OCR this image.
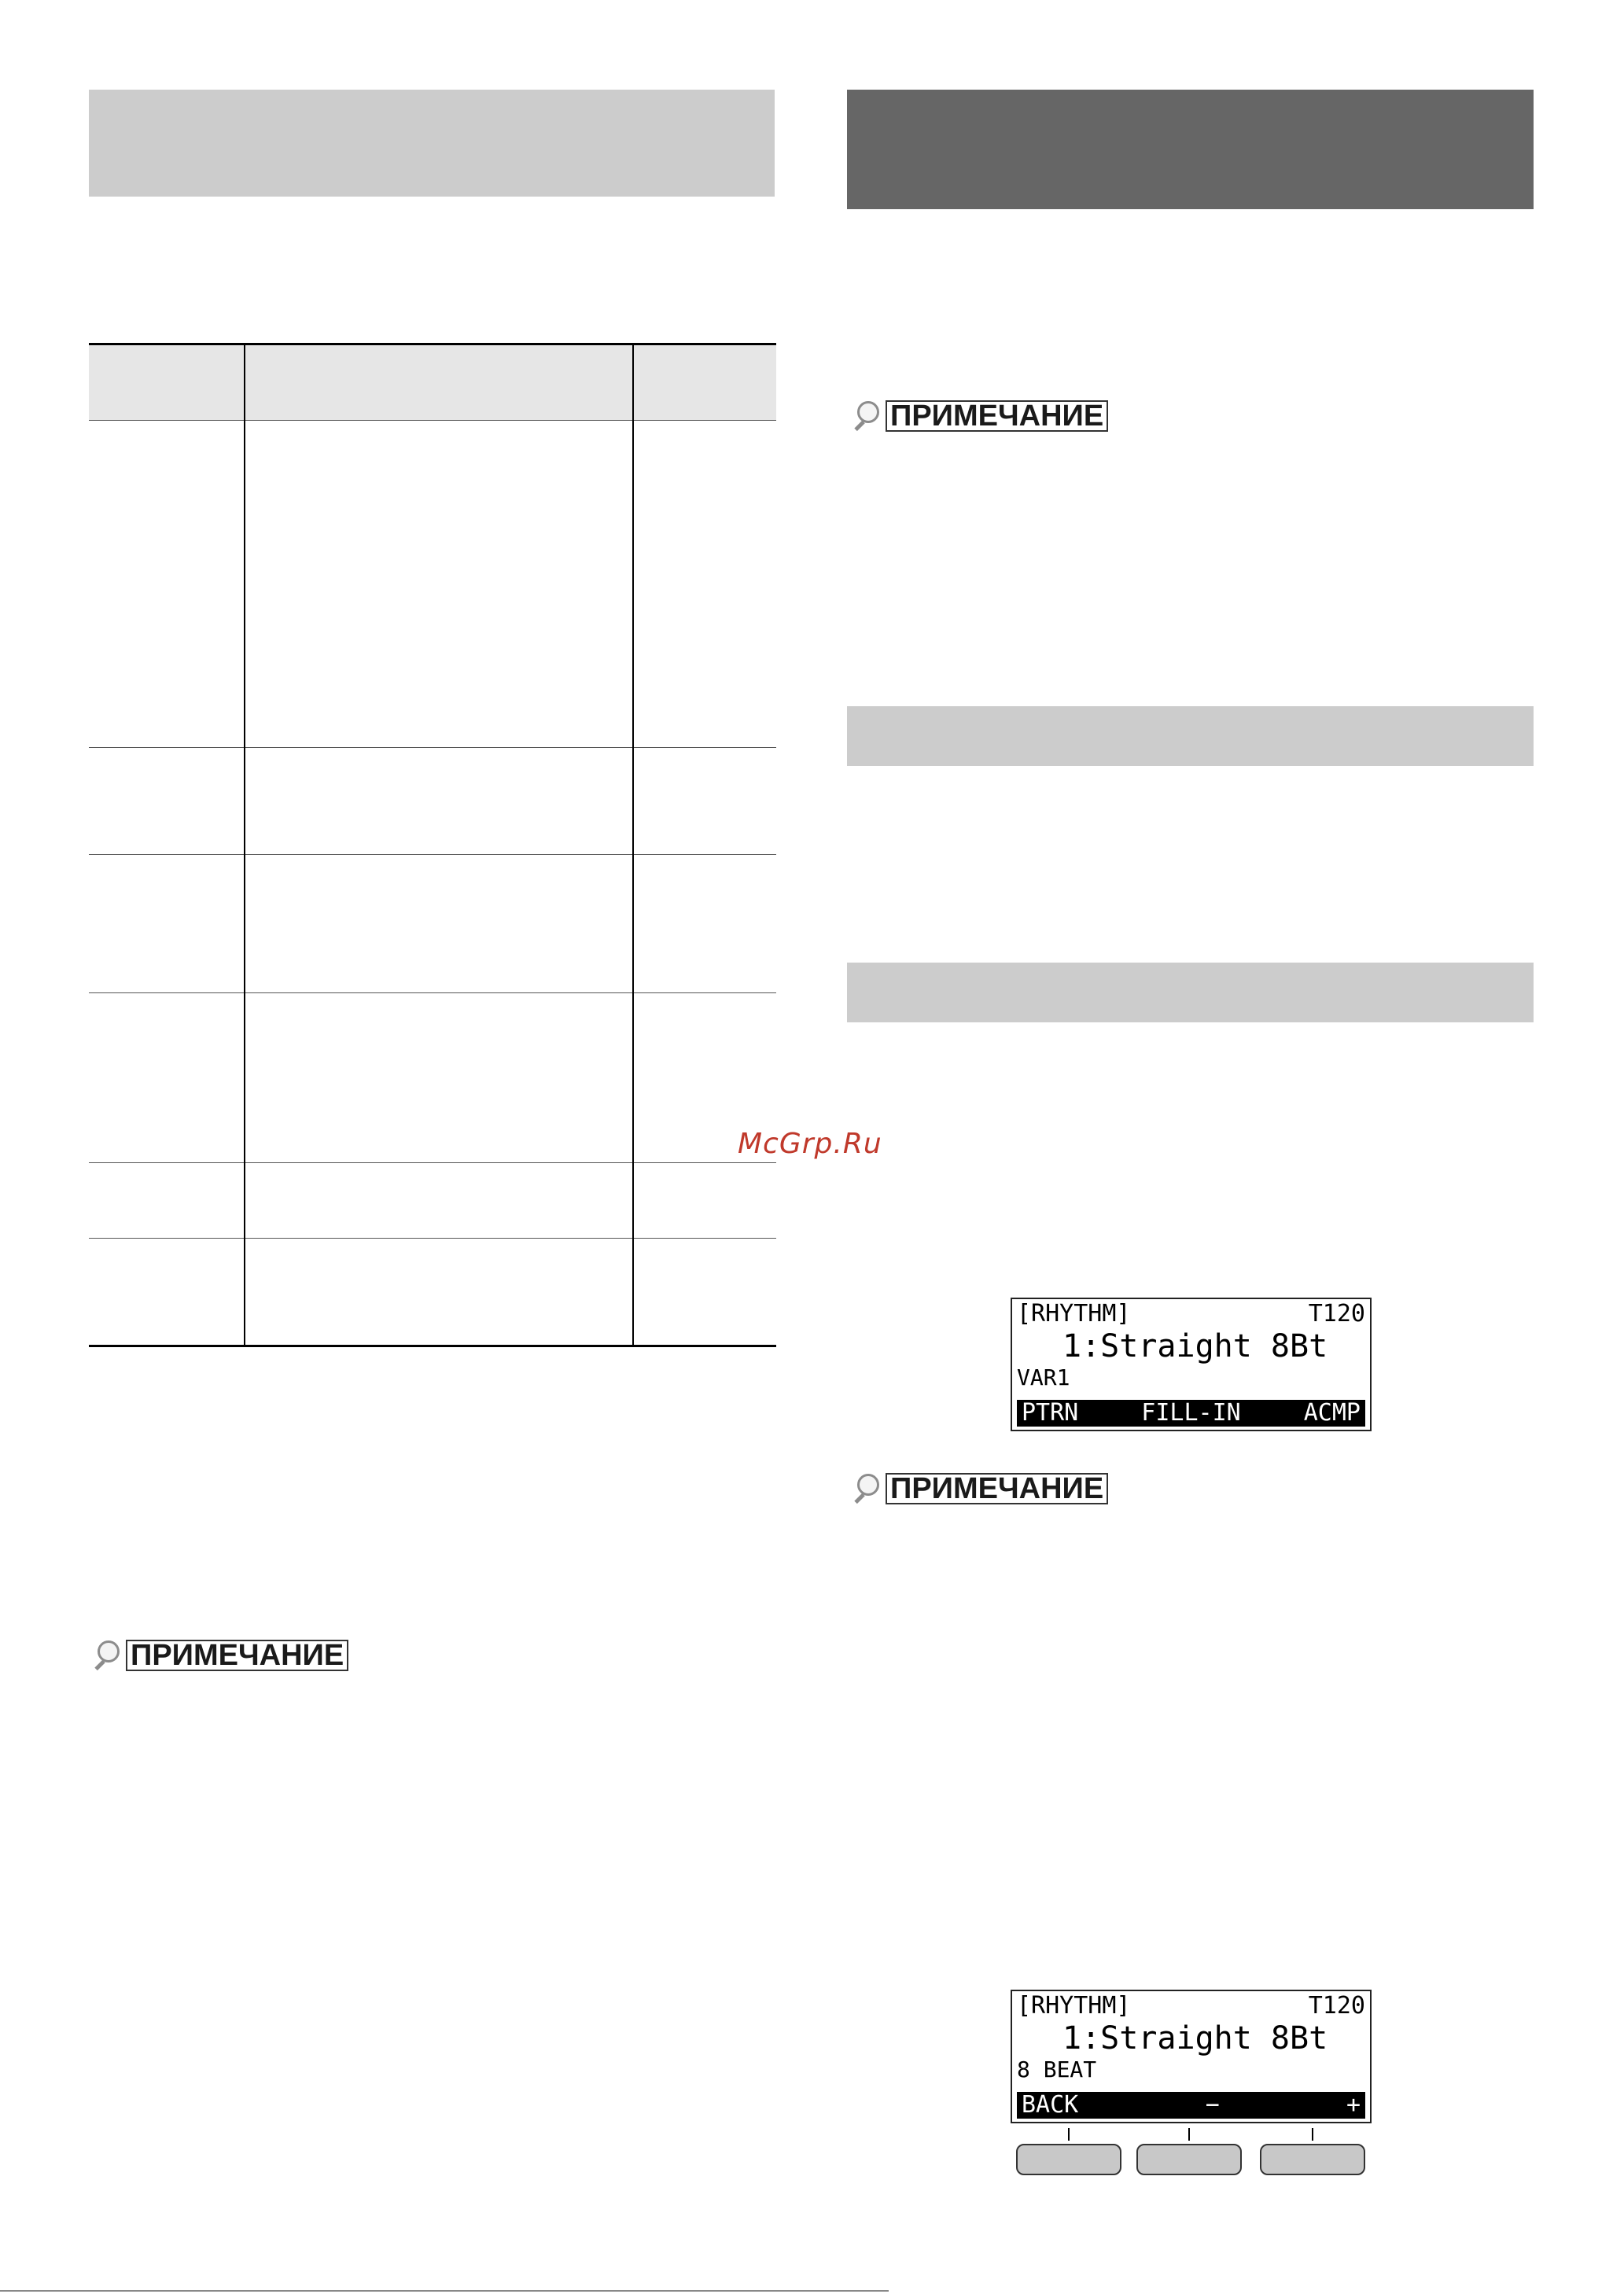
ПРИМЕЧАНИЕ
ПРИМЕЧАНИЕ
McGrp.Ru
[RHYTHM]	T120
1:Straight 8Bt
VAR1
PTRN	FILL-IN	ACMP
ПРИМЕЧАНИЕ
[RHYTHM]	T120
1:Straight 8Bt
8 BEAT
BACK	−	+
